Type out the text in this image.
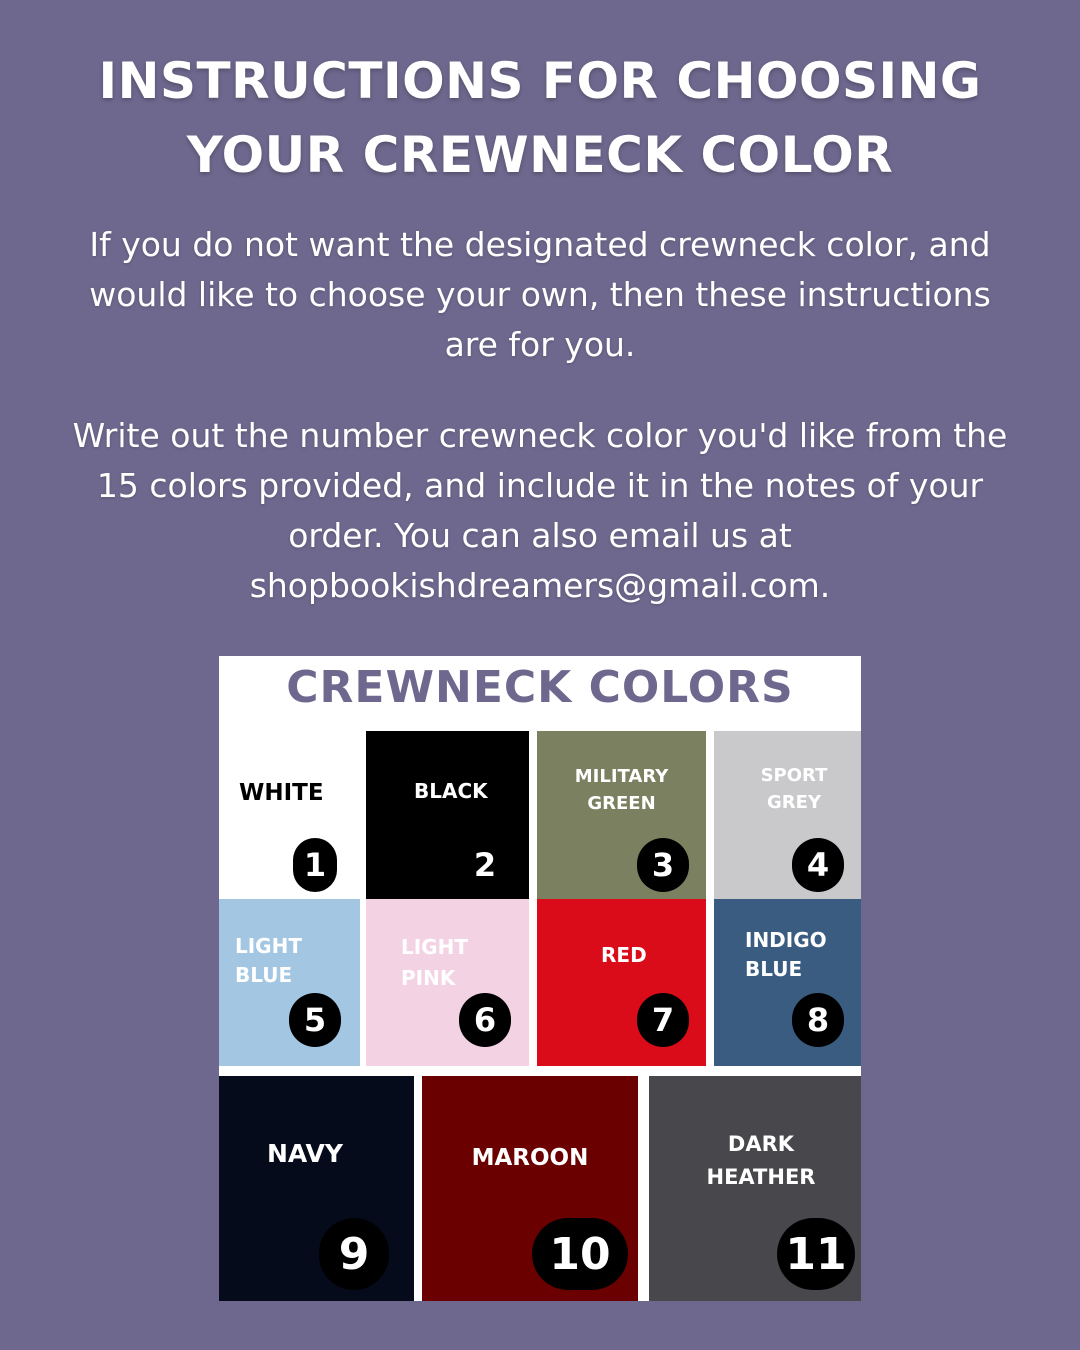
INSTRUCTIONS FOR CHOOSING
YOUR CREWNECK COLOR

If you do not want the designated crewneck color, and would like to choose your own, then these instructions are for you.

Write out the number crewneck color you'd like from the 15 colors provided, and include it in the notes of your order. You can also email us at shopbookishdreamers@gmail.com.

CREWNECK COLORS
WHITE
1
BLACK
2
MILITARY
GREEN
3
SPORT
GREY
4
LIGHT
BLUE
5
LIGHT
PINK
6
RED
7
INDIGO
BLUE
8
NAVY
9
MAROON
10
DARK
HEATHER
11
